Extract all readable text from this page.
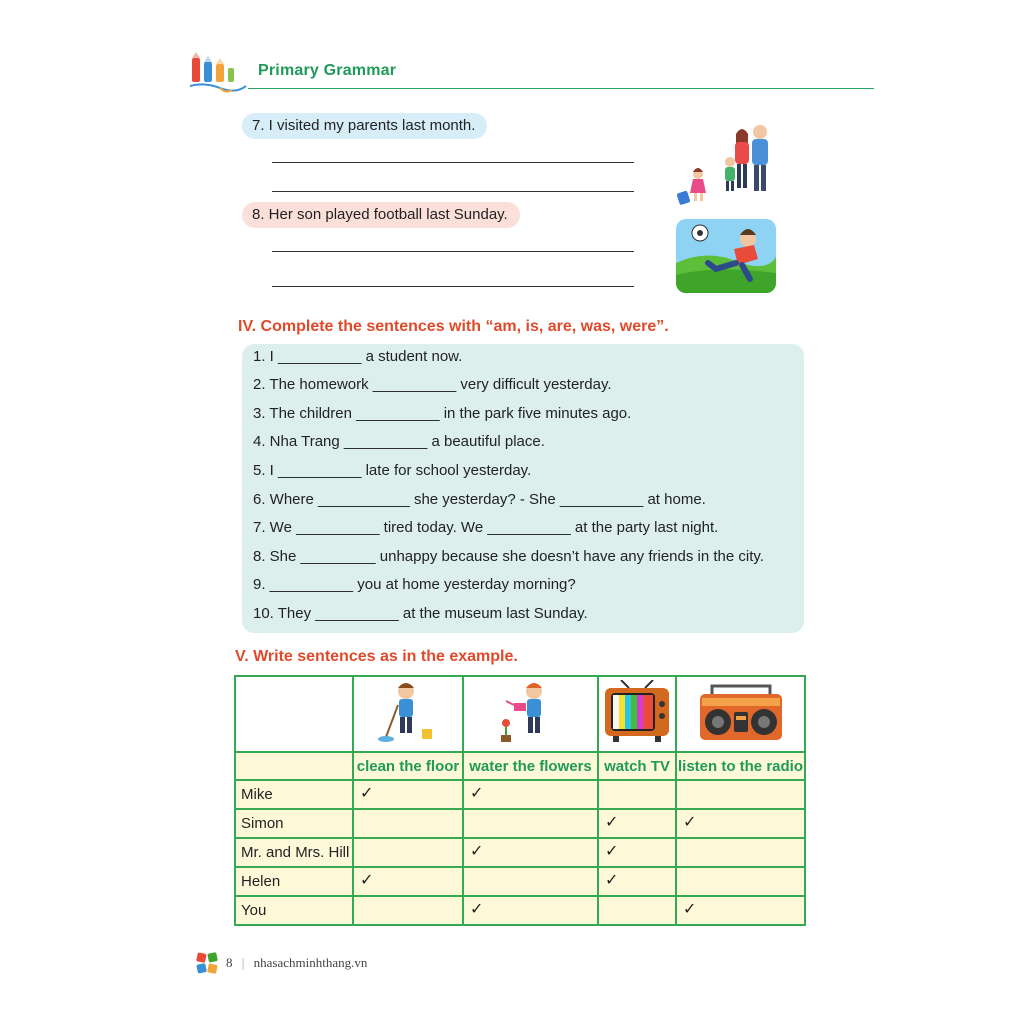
Primary Grammar
7. I visited my parents last month.
8. Her son played football last Sunday.
IV. Complete the sentences with “am, is, are, was, were”.
1. I __________ a student now.
2. The homework __________ very difficult yesterday.
3. The children __________ in the park five minutes ago.
4. Nha Trang __________ a beautiful place.
5. I __________ late for school yesterday.
6. Where ___________ she yesterday? - She __________ at home.
7. We __________ tired today. We __________ at the party last night.
8. She _________ unhappy because she doesn’t have any friends in the city.
9. __________ you at home yesterday morning?
10. They __________ at the museum last Sunday.
V. Write sentences as in the example.

	clean the floor	water the flowers	watch TV	listen to the radio
Mike	✓	✓		

Simon			✓	✓

Mr. and Mrs. Hill		✓	✓	

Helen	✓		✓	

You		✓		✓
8 | nhasachminhthang.vn
